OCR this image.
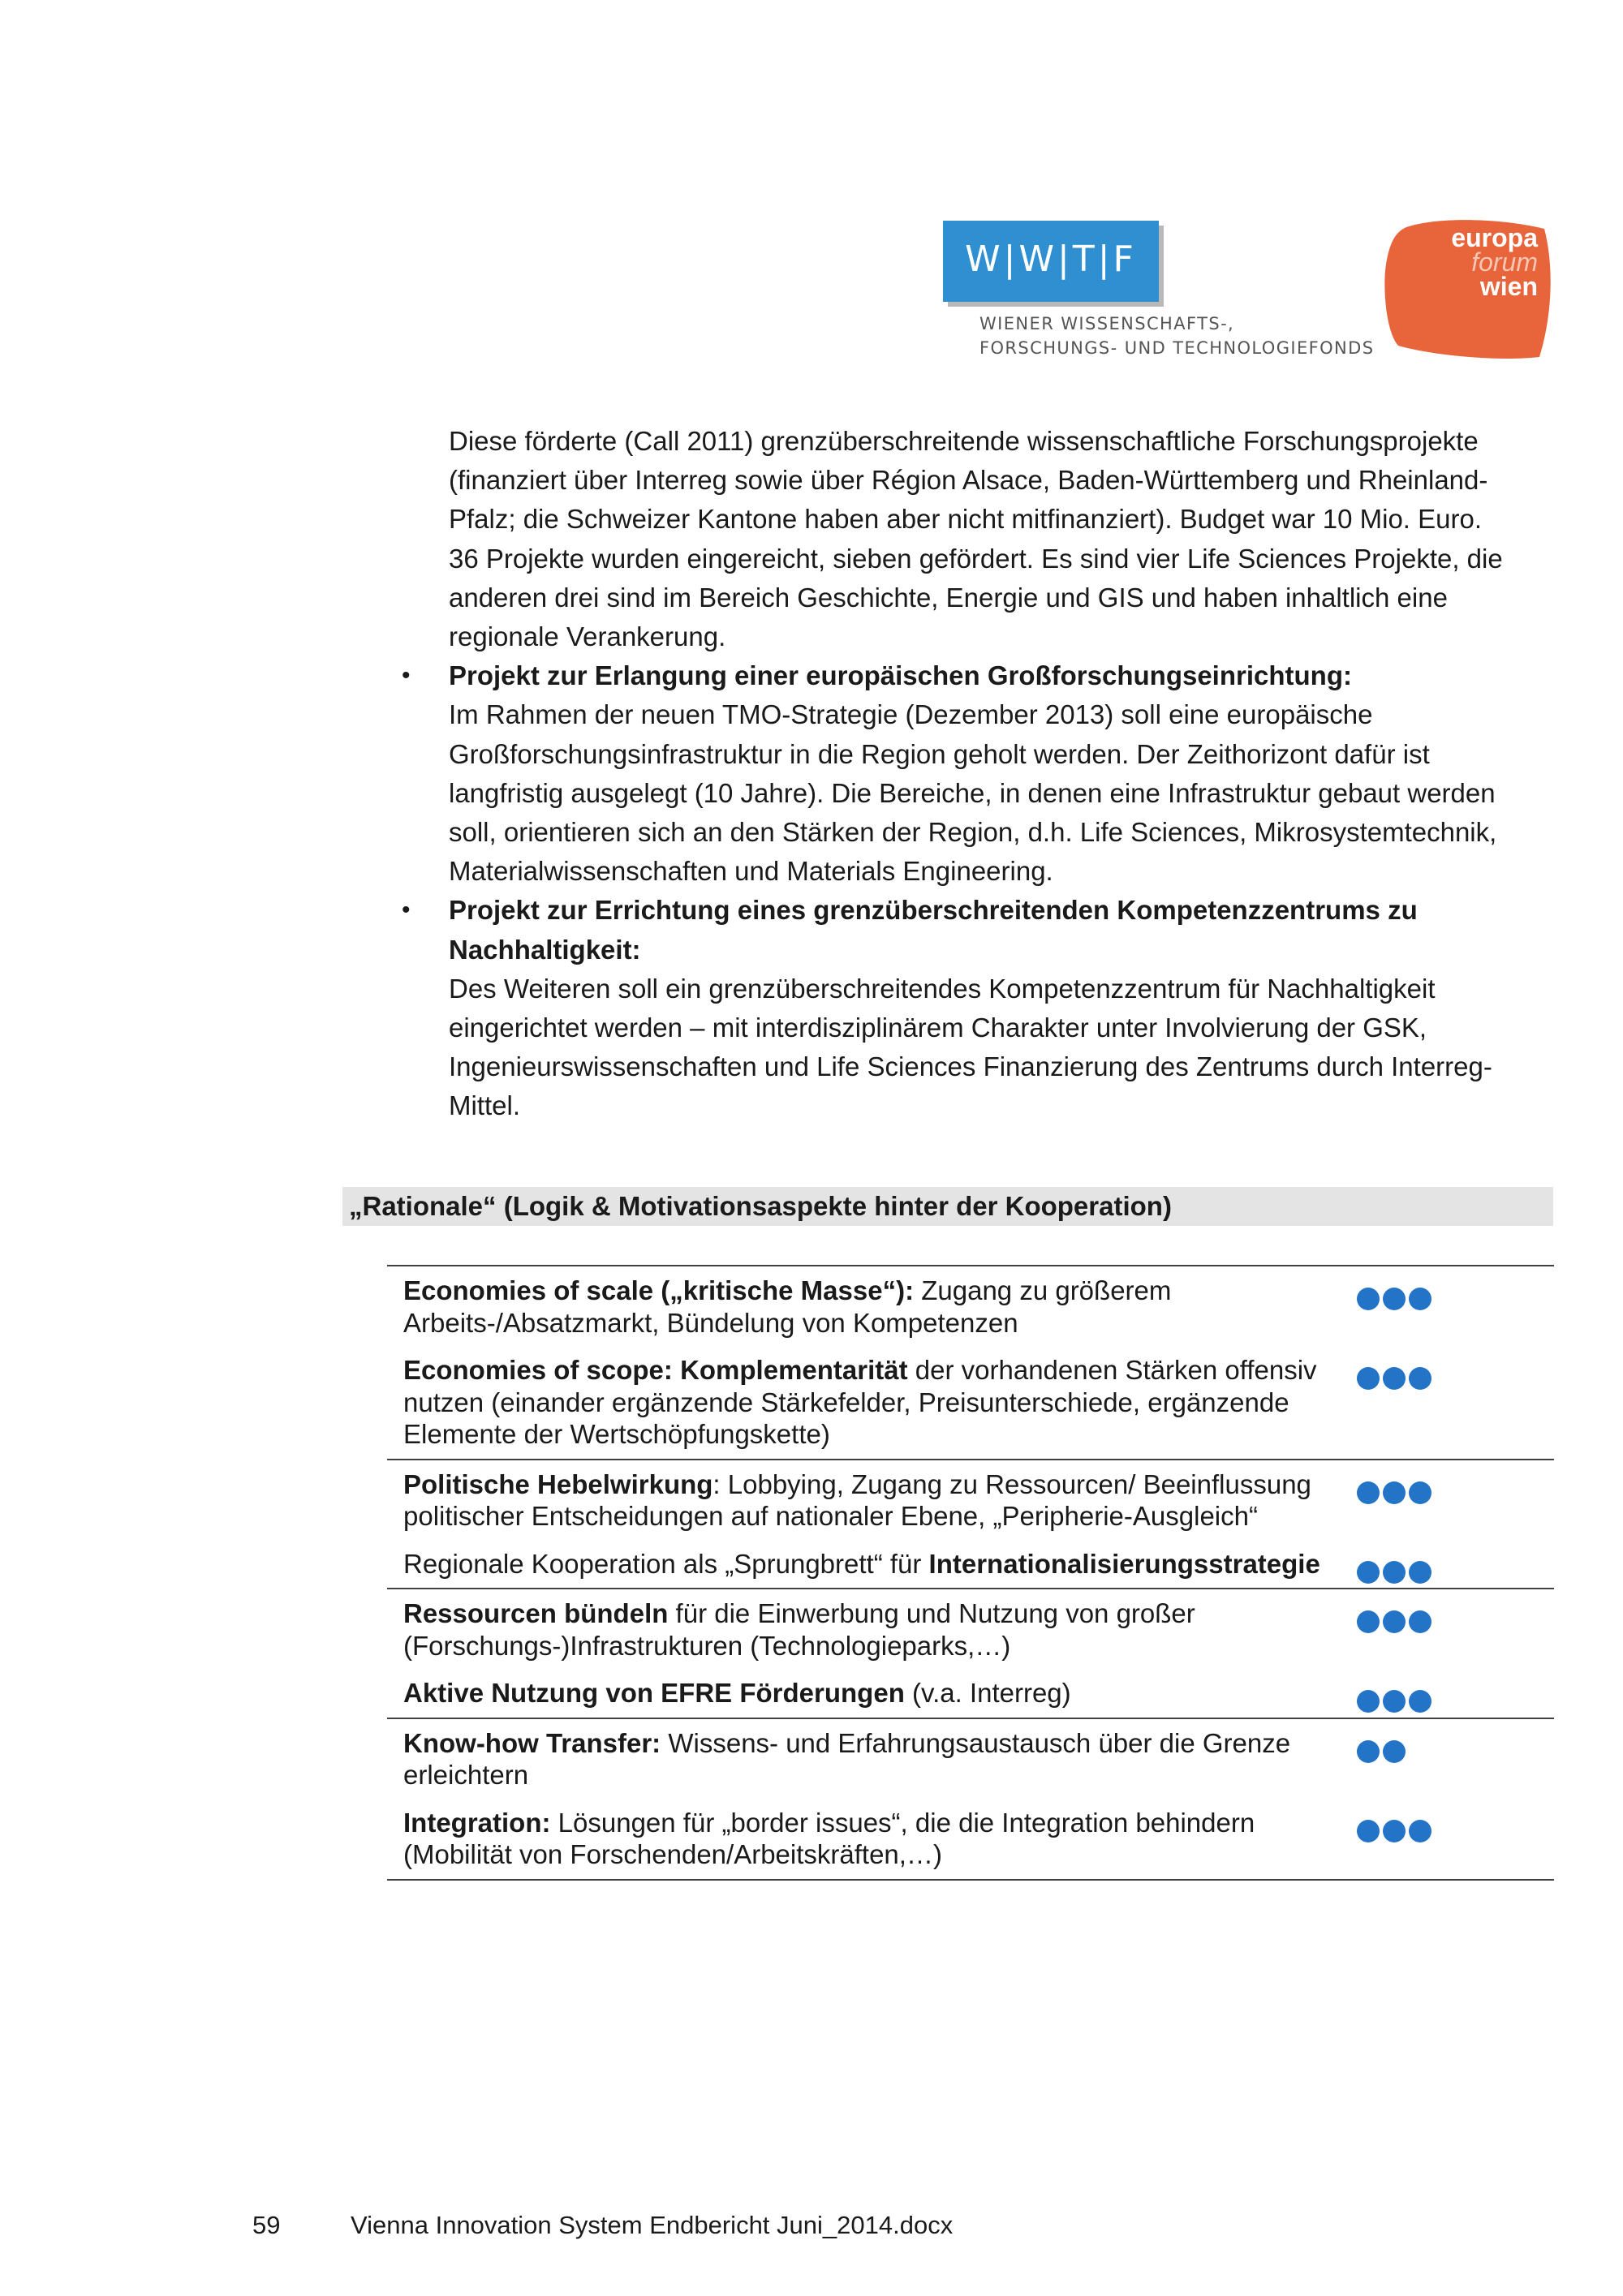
W|W|T|F
WIENER WISSENSCHAFTS-,
FORSCHUNGS- UND TECHNOLOGIEFONDS
europa
forum
wien

Diese förderte (Call 2011) grenzüberschreitende wissenschaftliche Forschungsprojekte (finanziert über Interreg sowie über Région Alsace, Baden-Württemberg und Rheinland-Pfalz; die Schweizer Kantone haben aber nicht mitfinanziert). Budget war 10 Mio. Euro. 36 Projekte wurden eingereicht, sieben gefördert. Es sind vier Life Sciences Projekte, die anderen drei sind im Bereich Geschichte, Energie und GIS und haben inhaltlich eine regionale Verankerung.

• Projekt zur Erlangung einer europäischen Großforschungseinrichtung:

Im Rahmen der neuen TMO-Strategie (Dezember 2013) soll eine europäische Großforschungsinfrastruktur in die Region geholt werden. Der Zeithorizont dafür ist langfristig ausgelegt (10 Jahre). Die Bereiche, in denen eine Infrastruktur gebaut werden soll, orientieren sich an den Stärken der Region, d.h. Life Sciences, Mikrosystemtechnik, Materialwissenschaften und Materials Engineering.

• Projekt zur Errichtung eines grenzüberschreitenden Kompetenzzentrums zu Nachhaltigkeit:

Des Weiteren soll ein grenzüberschreitendes Kompetenzzentrum für Nachhaltigkeit eingerichtet werden – mit interdisziplinärem Charakter unter Involvierung der GSK, Ingenieurswissenschaften und Life Sciences Finanzierung des Zentrums durch Interreg-Mittel.

„Rationale“ (Logik & Motivationsaspekte hinter der Kooperation)
Economies of scale („kritische Masse“): Zugang zu größerem Arbeits-/Absatzmarkt, Bündelung von Kompetenzen
Economies of scope: Komplementarität der vorhandenen Stärken offensiv nutzen (einander ergänzende Stärkefelder, Preisunterschiede, ergänzende Elemente der Wertschöpfungskette)
Politische Hebelwirkung: Lobbying, Zugang zu Ressourcen/ Beeinflussung politischer Entscheidungen auf nationaler Ebene, „Peripherie-Ausgleich“
Regionale Kooperation als „Sprungbrett“ für Internationalisierungsstrategie
Ressourcen bündeln für die Einwerbung und Nutzung von großer (Forschungs-)Infrastrukturen (Technologieparks,…)
Aktive Nutzung von EFRE Förderungen (v.a. Interreg)
Know-how Transfer: Wissens- und Erfahrungsaustausch über die Grenze erleichtern
Integration: Lösungen für „border issues“, die die Integration behindern (Mobilität von Forschenden/Arbeitskräften,…)
59	Vienna Innovation System Endbericht Juni_2014.docx
